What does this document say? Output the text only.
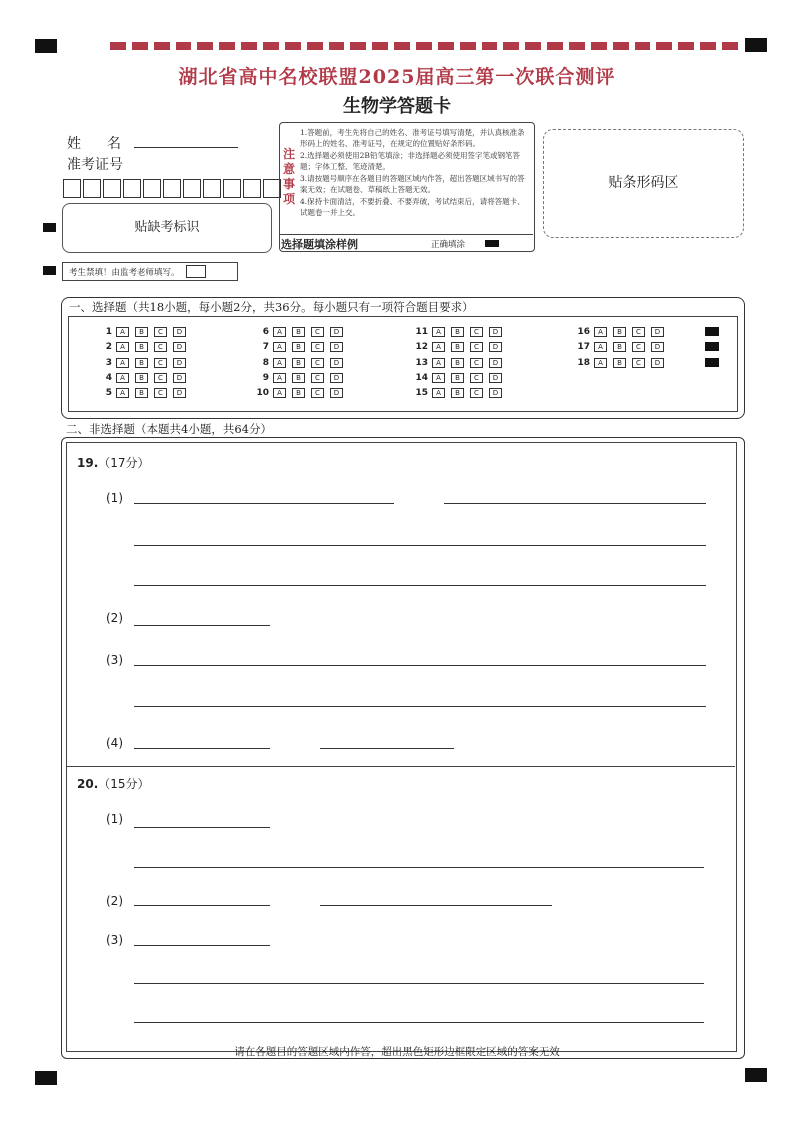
湖北省高中名校联盟2025届高三第一次联合测评
生物学答题卡
姓　名
准考证号
贴缺考标识
考生禁填！由监考老师填写。
注
意
事
项
1.答题前，考生先将自己的姓名、准考证号填写清楚，并认真核准条形码上的姓名、准考证号，在规定的位置贴好条形码。
2.选择题必须使用2B铅笔填涂；非选择题必须使用签字笔或钢笔答题；字体工整、笔迹清楚。
3.请按题号顺序在各题目的答题区域内作答，超出答题区域书写的答案无效；在试题卷、草稿纸上答题无效。
4.保持卡面清洁，不要折叠、不要弄破，考试结束后，请将答题卡、试题卷一并上交。
选择题填涂样例	正确填涂
贴条形码区
一、选择题（共18小题，每小题2分，共36分。每小题只有一项符合题目要求）
1	A	B	C	D
2	A	B	C	D
3	A	B	C	D
4	A	B	C	D
5	A	B	C	D
6	A	B	C	D
7	A	B	C	D
8	A	B	C	D
9	A	B	C	D
10	A	B	C	D
11	A	B	C	D
12	A	B	C	D
13	A	B	C	D
14	A	B	C	D
15	A	B	C	D
16	A	B	C	D
17	A	B	C	D
18	A	B	C	D
二、非选择题（本题共4小题，共64分）
19.（17分）
(1)
(2)
(3)
(4)
20.（15分）
(1)
(2)
(3)
请在各题目的答题区域内作答，超出黑色矩形边框限定区域的答案无效
